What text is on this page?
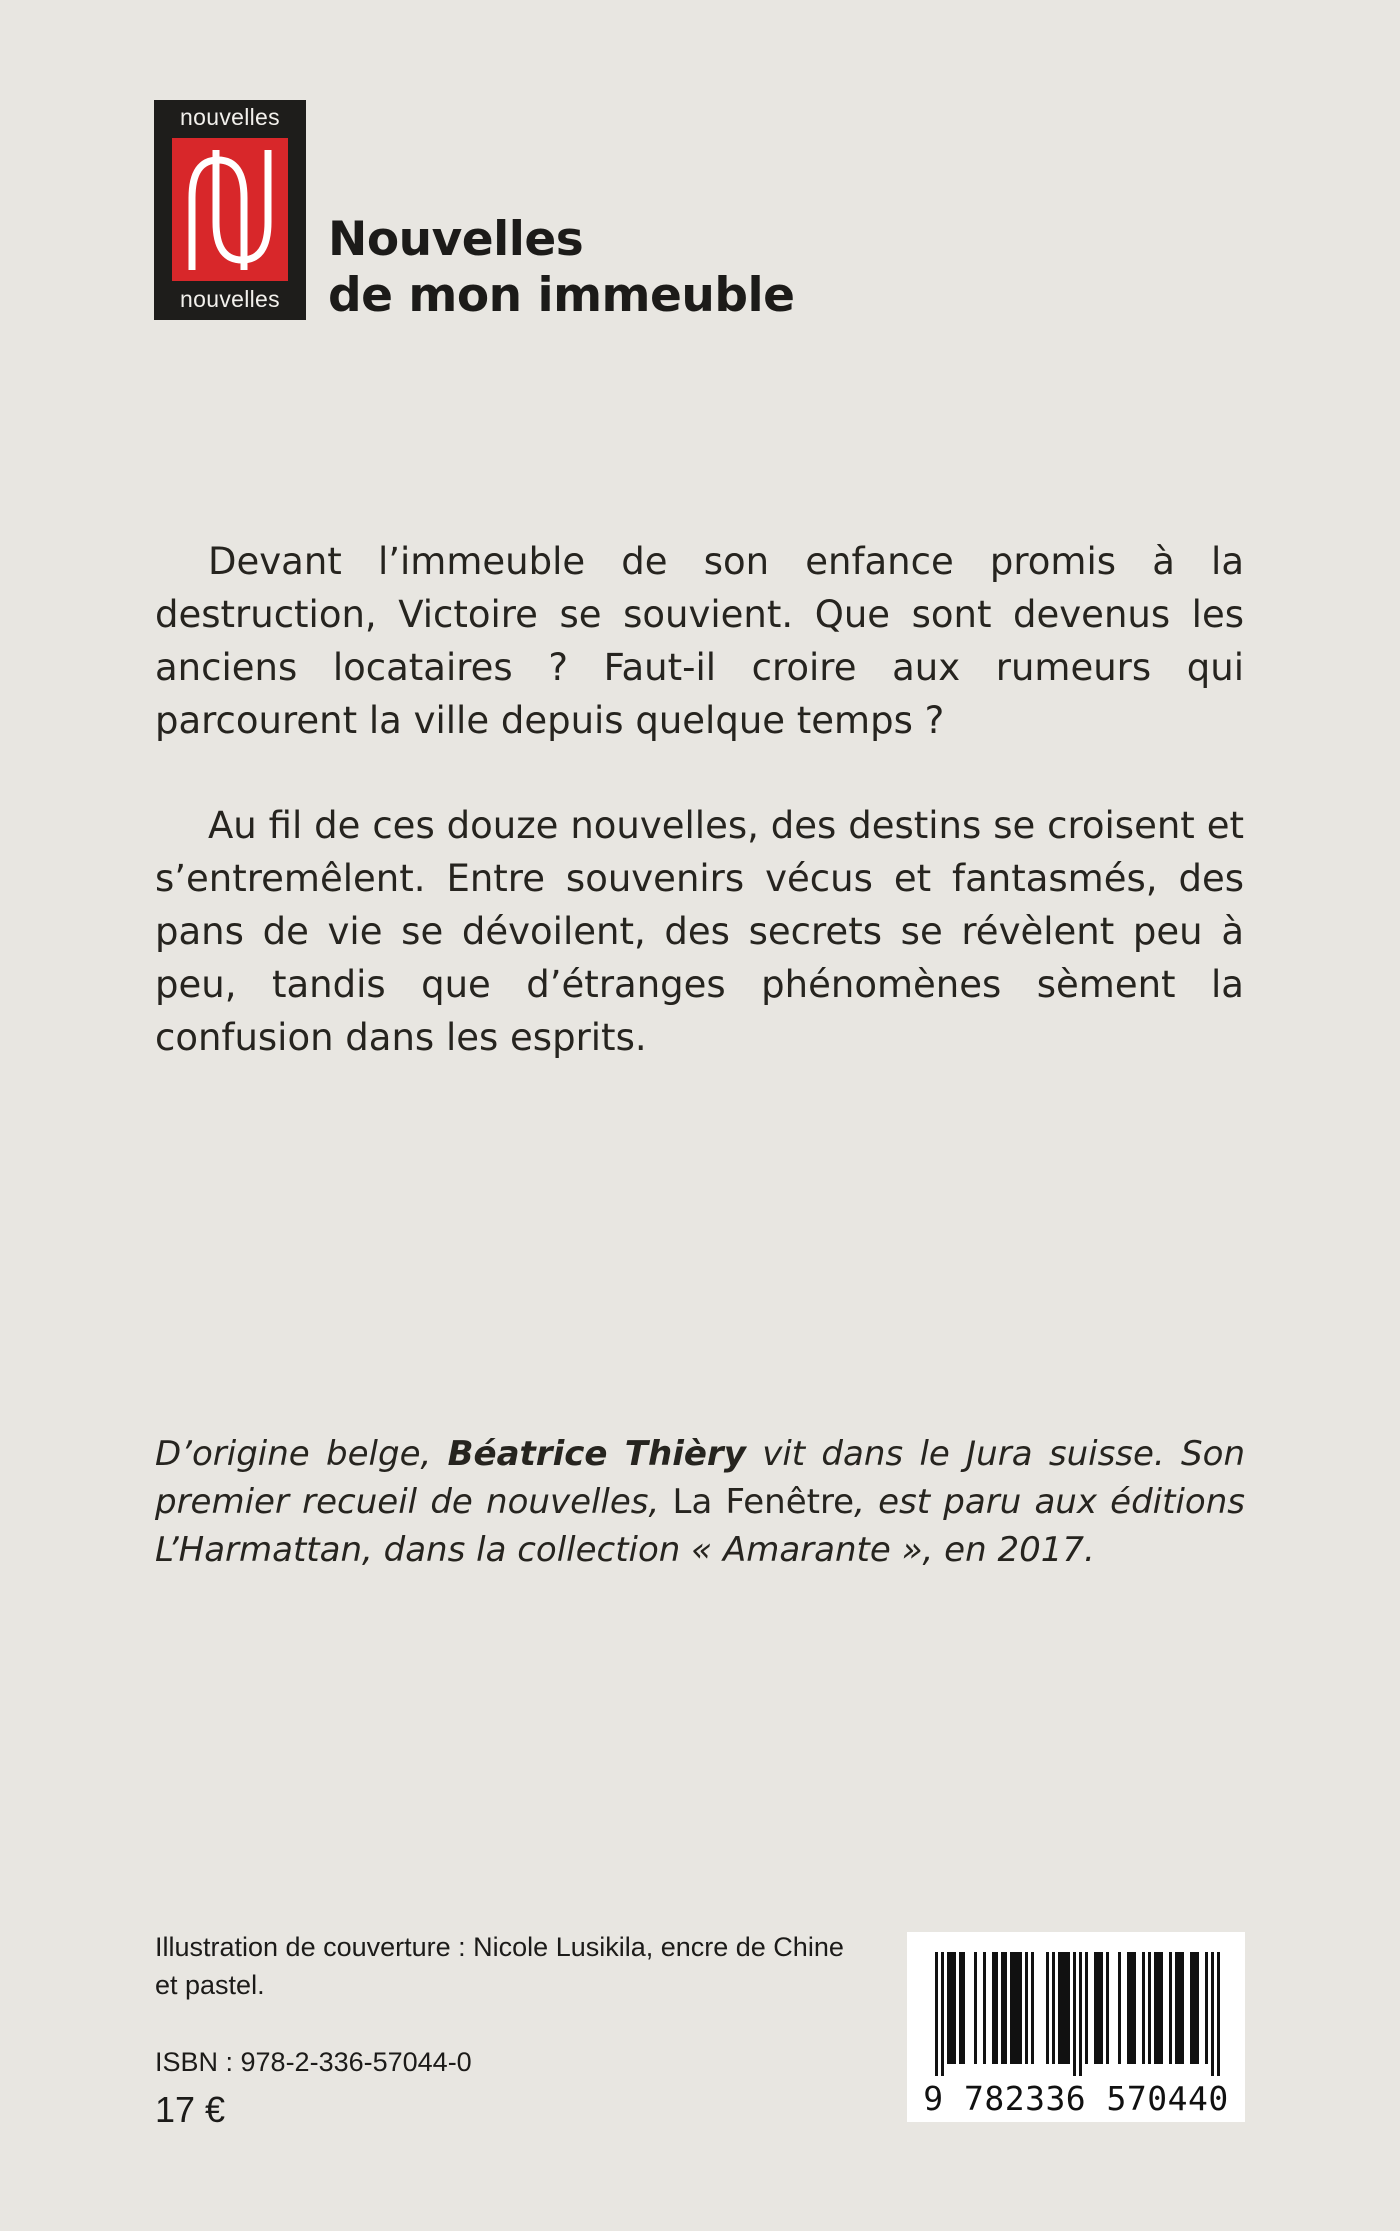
nouvelles
nouvelles
Nouvelles
de mon immeuble

Devant l’immeuble de son enfance promis à la destruction, Victoire se souvient. Que sont devenus les anciens locataires ? Faut-il croire aux rumeurs qui parcourent la ville depuis quelque temps ?

Au fil de ces douze nouvelles, des destins se croisent et s’entremêlent. Entre souvenirs vécus et fantasmés, des pans de vie se dévoilent, des secrets se révèlent peu à peu, tandis que d’étranges phénomènes sèment la confusion dans les esprits.

D’origine belge, Béatrice Thièry vit dans le Jura suisse. Son premier recueil de nouvelles, La Fenêtre, est paru aux éditions L’Harmattan, dans la collection « Amarante », en 2017.

Illustration de couverture : Nicole Lusikila, encre de Chine et pastel.

ISBN : 978-2-336-57044-0
17 €	9 782336 570440
